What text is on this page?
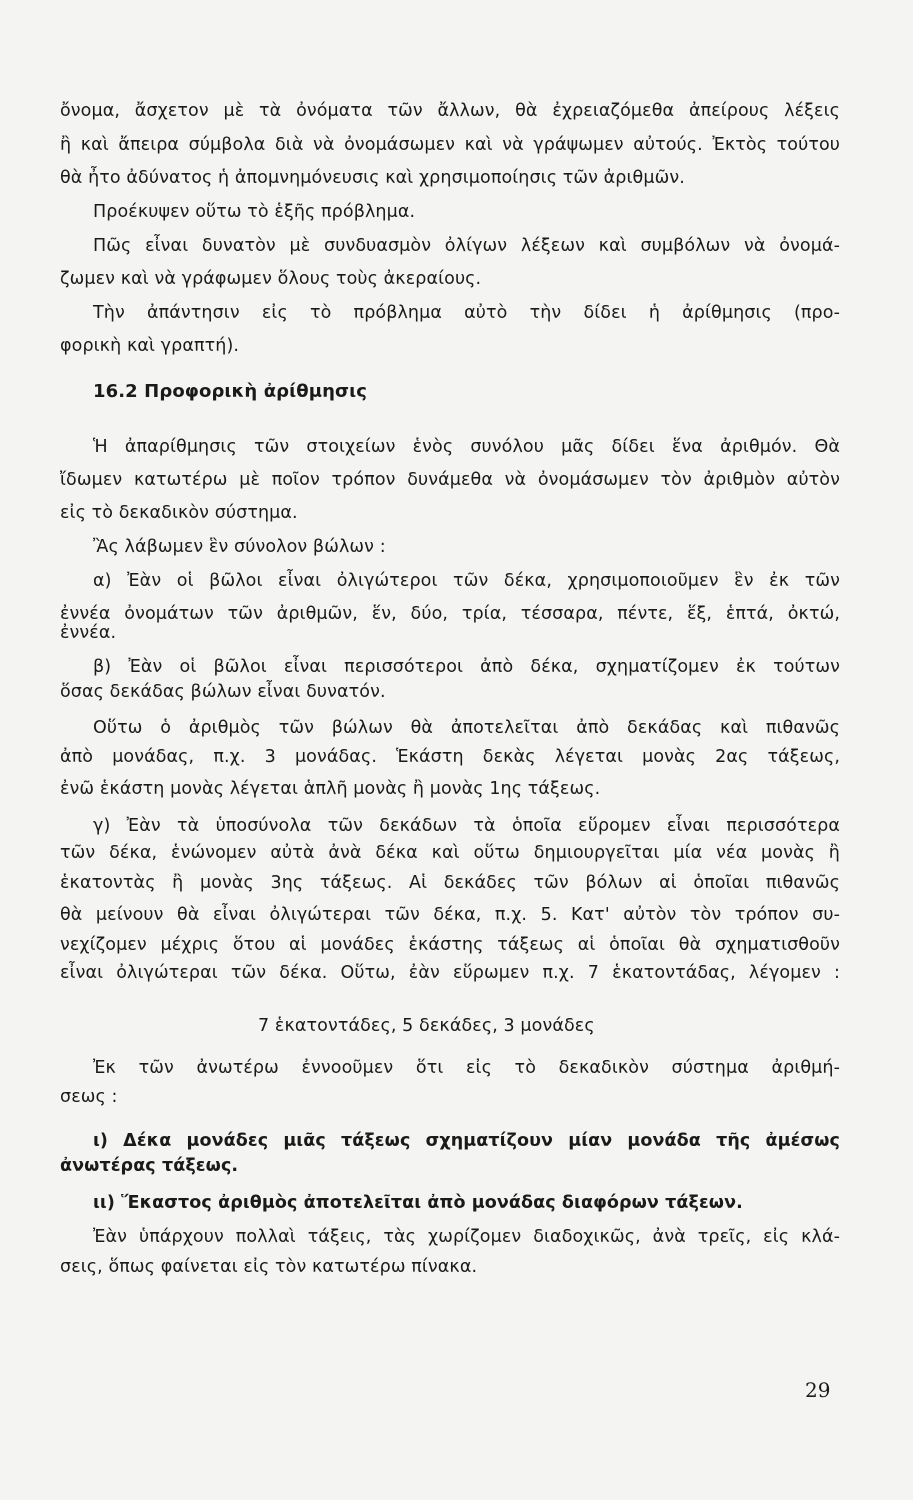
ὄνομα, ἄσχετον μὲ τὰ ὀνόματα τῶν ἄλλων, θὰ ἐχρειαζόμεθα ἀπείρους λέξεις
ἢ καὶ ἄπειρα σύμβολα διὰ νὰ ὀνομάσωμεν καὶ νὰ γράψωμεν αὐτούς. Ἐκτὸς τούτου
θὰ ἦτο ἀδύνατος ἡ ἀπομνημόνευσις καὶ χρησιμοποίησις τῶν ἀριθμῶν.
Προέκυψεν οὕτω τὸ ἑξῆς πρόβλημα.
Πῶς εἶναι δυνατὸν μὲ συνδυασμὸν ὀλίγων λέξεων καὶ συμβόλων νὰ ὀνομά-
ζωμεν καὶ νὰ γράφωμεν ὅλους τοὺς ἀκεραίους.
Τὴν ἀπάντησιν εἰς τὸ πρόβλημα αὐτὸ τὴν δίδει ἡ ἀρίθμησις (προ-
φορικὴ καὶ γραπτή).
16.2 Προφορικὴ ἀρίθμησις
Ἡ ἀπαρίθμησις τῶν στοιχείων ἑνὸς συνόλου μᾶς δίδει ἕνα ἀριθμόν. Θὰ
ἴδωμεν κατωτέρω μὲ ποῖον τρόπον δυνάμεθα νὰ ὀνομάσωμεν τὸν ἀριθμὸν αὐτὸν
εἰς τὸ δεκαδικὸν σύστημα.
Ἂς λάβωμεν ἓν σύνολον βώλων :
α) Ἐὰν οἱ βῶλοι εἶναι ὀλιγώτεροι τῶν δέκα, χρησιμοποιοῦμεν ἓν ἐκ τῶν
ἐννέα ὀνομάτων τῶν ἀριθμῶν, ἕν, δύο, τρία, τέσσαρα, πέντε, ἕξ, ἑπτά, ὀκτώ,
ἐννέα.
β) Ἐὰν οἱ βῶλοι εἶναι περισσότεροι ἀπὸ δέκα, σχηματίζομεν ἐκ τούτων
ὅσας δεκάδας βώλων εἶναι δυνατόν.
Οὕτω ὁ ἀριθμὸς τῶν βώλων θὰ ἀποτελεῖται ἀπὸ δεκάδας καὶ πιθανῶς
ἀπὸ μονάδας, π.χ. 3 μονάδας. Ἑκάστη δεκὰς λέγεται μονὰς 2ας τάξεως,
ἐνῶ ἑκάστη μονὰς λέγεται ἁπλῆ μονὰς ἢ μονὰς 1ης τάξεως.
γ) Ἐὰν τὰ ὑποσύνολα τῶν δεκάδων τὰ ὁποῖα εὕρομεν εἶναι περισσότερα
τῶν δέκα, ἑνώνομεν αὐτὰ ἀνὰ δέκα καὶ οὕτω δημιουργεῖται μία νέα μονὰς ἢ
ἑκατοντὰς ἢ μονὰς 3ης τάξεως. Αἱ δεκάδες τῶν βόλων αἱ ὁποῖαι πιθανῶς
θὰ μείνουν θὰ εἶναι ὀλιγώτεραι τῶν δέκα, π.χ. 5. Κατ' αὐτὸν τὸν τρόπον συ-
νεχίζομεν μέχρις ὅτου αἱ μονάδες ἑκάστης τάξεως αἱ ὁποῖαι θὰ σχηματισθοῦν
εἶναι ὀλιγώτεραι τῶν δέκα. Οὕτω, ἐὰν εὕρωμεν π.χ. 7 ἑκατοντάδας, λέγομεν :
7 ἑκατοντάδες, 5 δεκάδες, 3 μονάδες
Ἐκ τῶν ἀνωτέρω ἐννοοῦμεν ὅτι εἰς τὸ δεκαδικὸν σύστημα ἀριθμή-
σεως :
ι) Δέκα μονάδες μιᾶς τάξεως σχηματίζουν μίαν μονάδα τῆς ἀμέσως
ἀνωτέρας τάξεως.
ιι) Ἕκαστος ἀριθμὸς ἀποτελεῖται ἀπὸ μονάδας διαφόρων τάξεων.
Ἐὰν ὑπάρχουν πολλαὶ τάξεις, τὰς χωρίζομεν διαδοχικῶς, ἀνὰ τρεῖς, εἰς κλά-
σεις, ὅπως φαίνεται εἰς τὸν κατωτέρω πίνακα.
29
